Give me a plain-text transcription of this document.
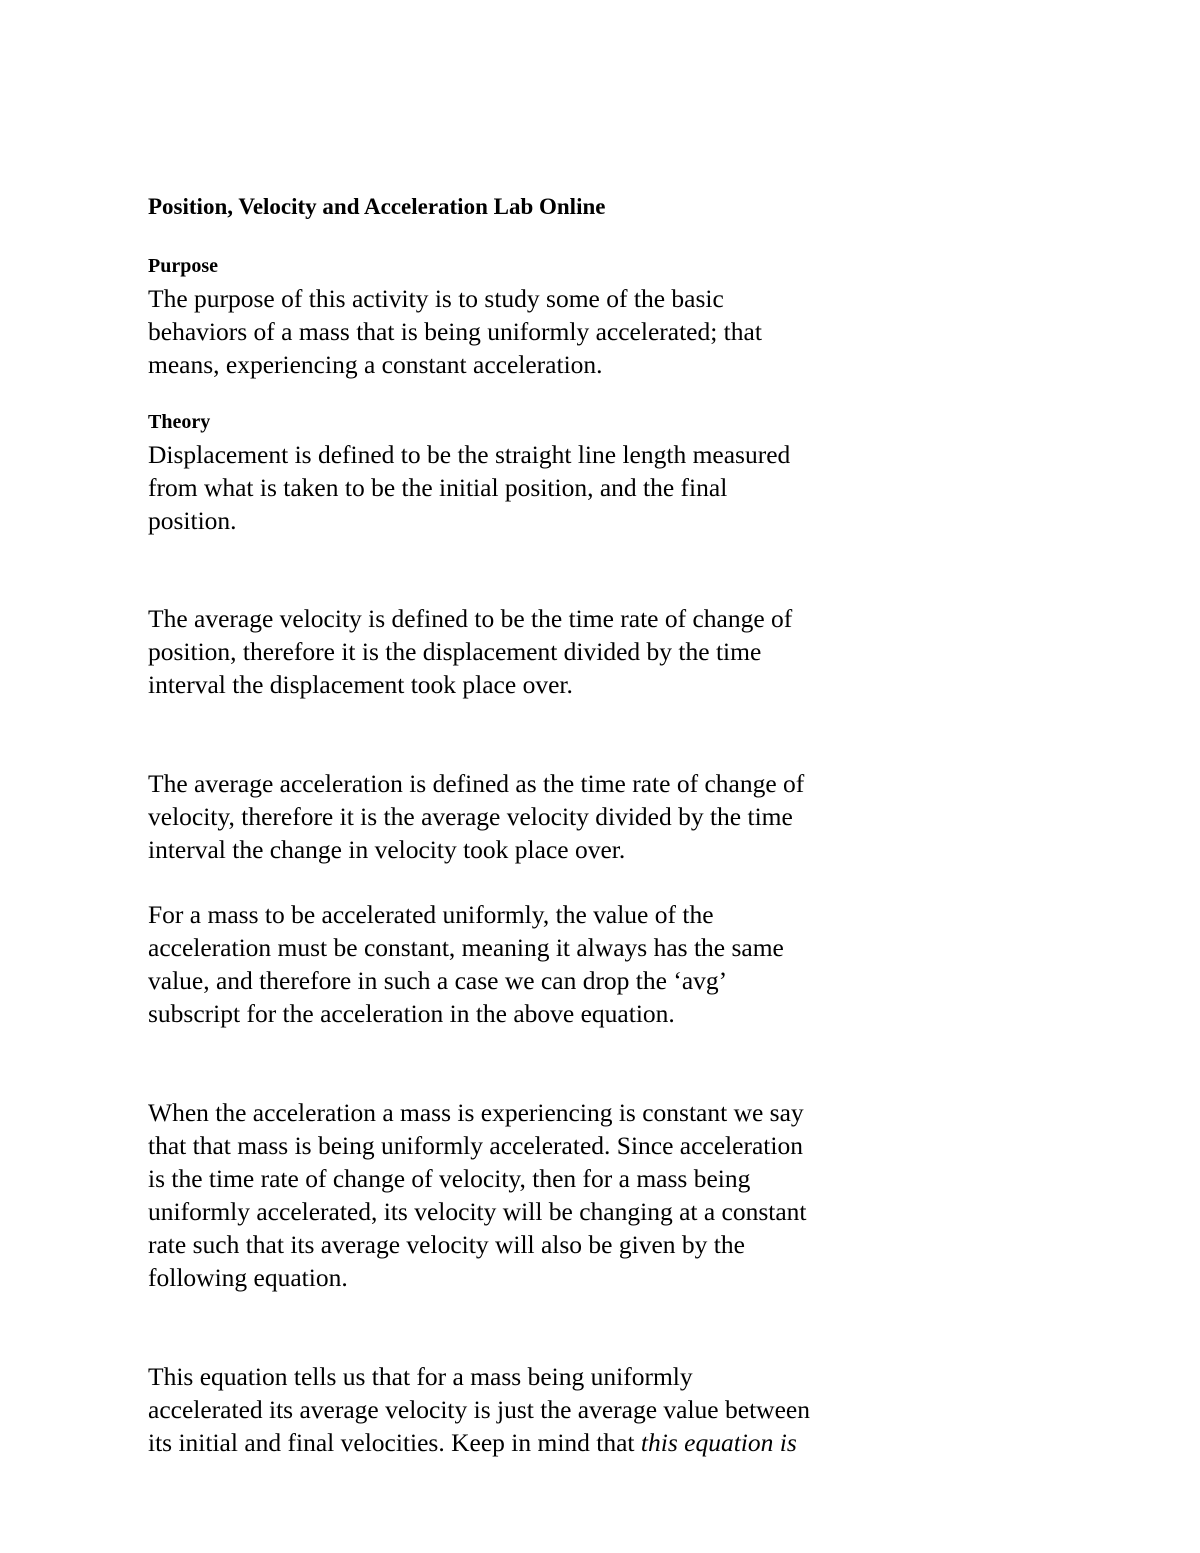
Position, Velocity and Acceleration Lab Online
Purpose
The purpose of this activity is to study some of the basic
behaviors of a mass that is being uniformly accelerated; that
means, experiencing a constant acceleration.
Theory
Displacement is defined to be the straight line length measured
from what is taken to be the initial position, and the final
position.
The average velocity is defined to be the time rate of change of
position, therefore it is the displacement divided by the time
interval the displacement took place over.
The average acceleration is defined as the time rate of change of
velocity, therefore it is the average velocity divided by the time
interval the change in velocity took place over.
For a mass to be accelerated uniformly, the value of the
acceleration must be constant, meaning it always has the same
value, and therefore in such a case we can drop the ‘avg’
subscript for the acceleration in the above equation.
When the acceleration a mass is experiencing is constant we say
that that mass is being uniformly accelerated. Since acceleration
is the time rate of change of velocity, then for a mass being
uniformly accelerated, its velocity will be changing at a constant
rate such that its average velocity will also be given by the
following equation.
This equation tells us that for a mass being uniformly
accelerated its average velocity is just the average value between
its initial and final velocities. Keep in mind that this equation is
